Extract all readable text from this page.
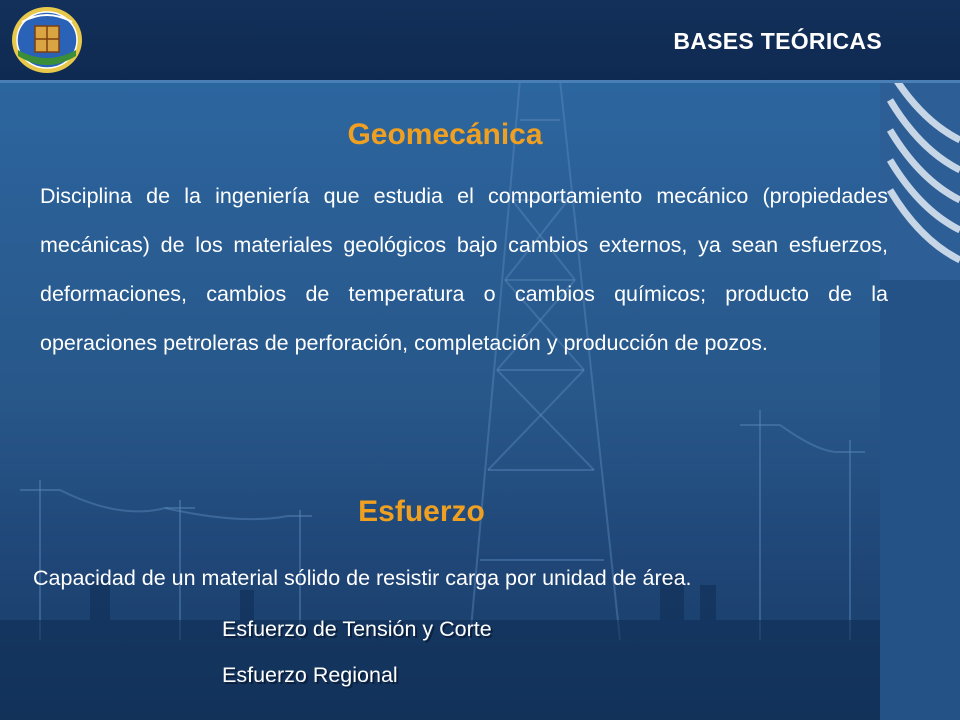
BASES TEÓRICAS
Geomecánica

Disciplina de la ingeniería que estudia el comportamiento mecánico (propiedades mecánicas) de los materiales geológicos bajo cambios externos, ya sean esfuerzos, deformaciones, cambios de temperatura o cambios químicos; producto de la operaciones petroleras de perforación, completación y producción de pozos.

Esfuerzo

Capacidad de un material sólido de resistir carga por unidad de área.

Esfuerzo de Tensión y Corte
Esfuerzo Regional
